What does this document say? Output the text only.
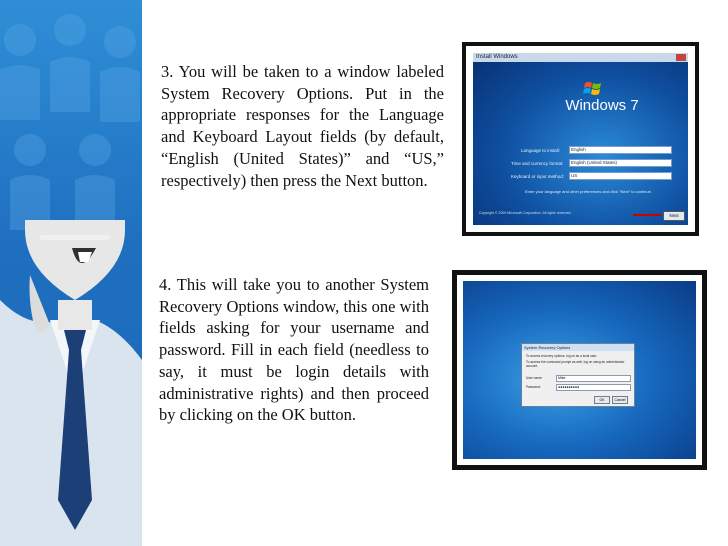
3. You will be taken to a window labeled System Recovery Options. Put in the appropriate responses for the Language and Keyboard Layout fields (by default, “English (United States)” and “US,” respectively) then press the Next button.

4. This will take you to another System Recovery Options window, this one with fields asking for your username and password. Fill in each field (needless to say, it must be login details with administrative rights) and then proceed by clicking on the OK button.

Install Windows
Windows 7
Language to install:	English
Time and currency format:	English (United States)
Keyboard or input method:	US
Enter your language and other preferences and click "Next" to continue.
Copyright © 2009 Microsoft Corporation. All rights reserved.	Next
System Recovery Options
To access recovery options, log on as a local user.
To access the command prompt as well, log on using an administrator account.
User name:	Mike
Password:	●●●●●●●●●●
OK	Cancel
